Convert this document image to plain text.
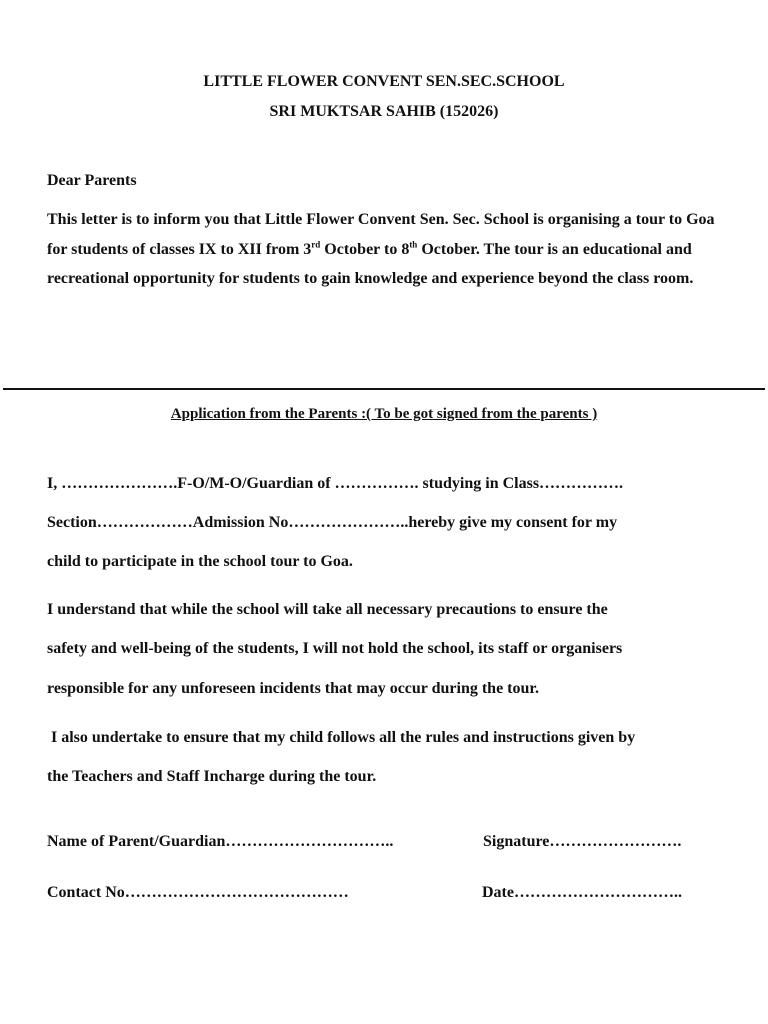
LITTLE FLOWER CONVENT SEN.SEC.SCHOOL
SRI MUKTSAR SAHIB (152026)
Dear Parents

This letter is to inform you that Little Flower Convent Sen. Sec. School is organising a tour to Goa for students of classes IX to XII from 3rd October to 8th October. The tour is an educational and recreational opportunity for students to gain knowledge and experience beyond the class room.

Application from the Parents :( To be got signed from the parents )
I, ………………….F-O/M-O/Guardian of ……………. studying in Class…………….
Section………………Admission No…………………..hereby give my consent for my
child to participate in the school tour to Goa.
I understand that while the school will take all necessary precautions to ensure the
safety and well-being of the students, I will not hold the school, its staff or organisers
responsible for any unforeseen incidents that may occur during the tour.
I also undertake to ensure that my child follows all the rules and instructions given by
the Teachers and Staff Incharge during the tour.
Name of Parent/Guardian…………………………..	Signature…………………….
Contact No……………………………………	Date…………………………..
